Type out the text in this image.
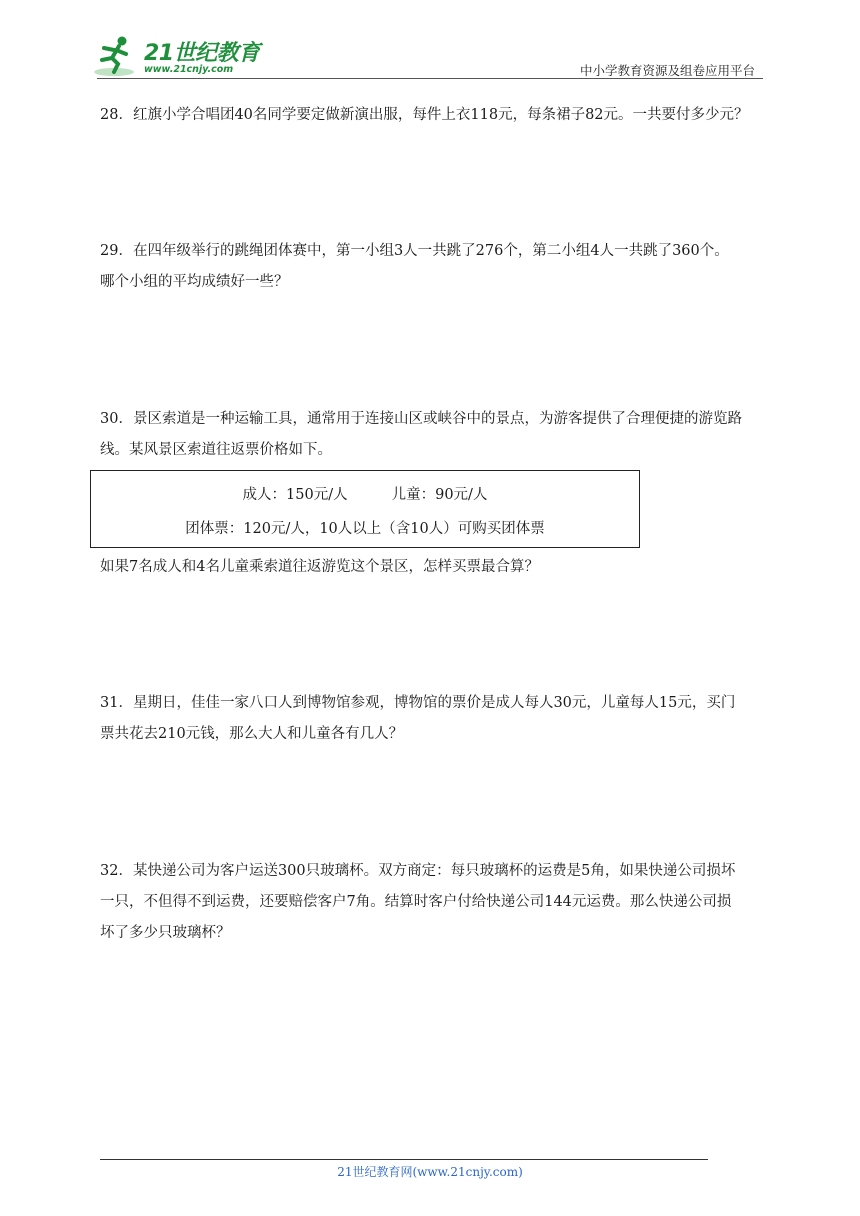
21世纪教育
www.21cnjy.com	中小学教育资源及组卷应用平台

28．红旗小学合唱团40名同学要定做新演出服，每件上衣118元，每条裙子82元。一共要付多少元？

29．在四年级举行的跳绳团体赛中，第一小组3人一共跳了276个，第二小组4人一共跳了360个。

哪个小组的平均成绩好一些？

30．景区索道是一种运输工具，通常用于连接山区或峡谷中的景点，为游客提供了合理便捷的游览路

线。某风景区索道往返票价格如下。

成人：150元/人	儿童：90元/人
团体票：120元/人，10人以上（含10人）可购买团体票

如果7名成人和4名儿童乘索道往返游览这个景区，怎样买票最合算？

31．星期日，佳佳一家八口人到博物馆参观，博物馆的票价是成人每人30元，儿童每人15元，买门

票共花去210元钱，那么大人和儿童各有几人？

32．某快递公司为客户运送300只玻璃杯。双方商定：每只玻璃杯的运费是5角，如果快递公司损坏

一只，不但得不到运费，还要赔偿客户7角。结算时客户付给快递公司144元运费。那么快递公司损

坏了多少只玻璃杯？

21世纪教育网(www.21cnjy.com)
